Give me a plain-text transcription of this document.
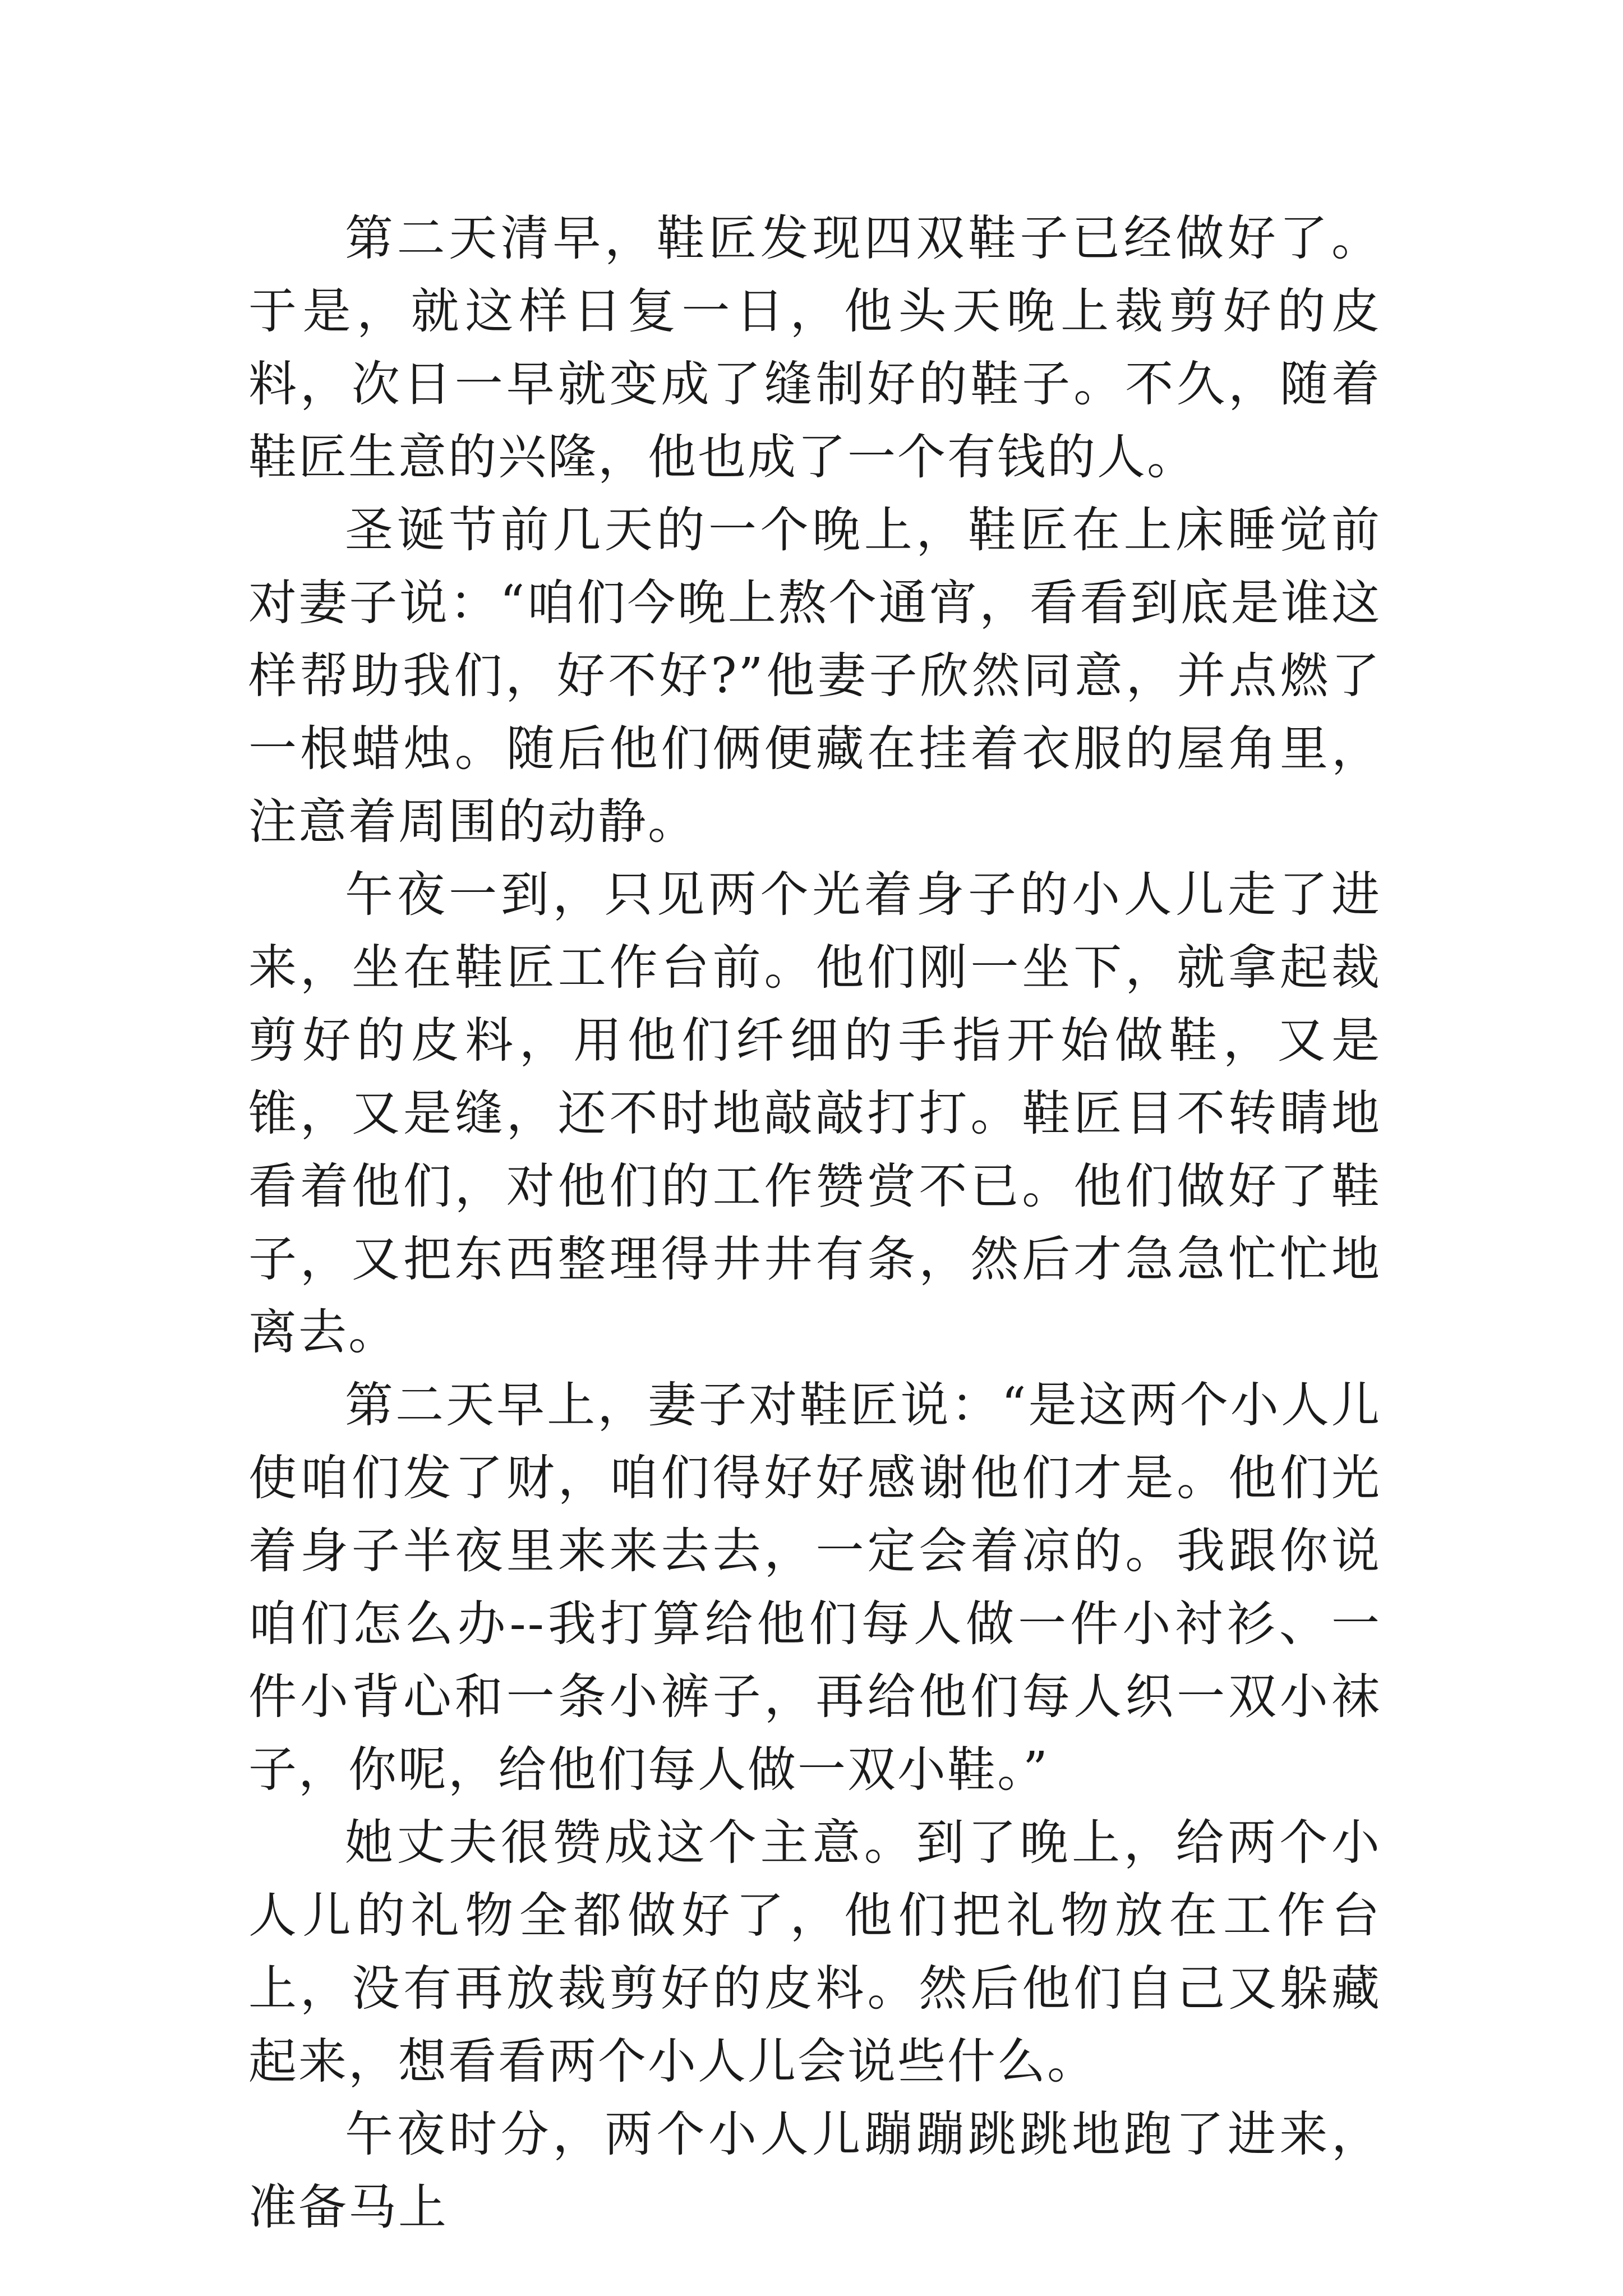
第二天清早，鞋匠发现四双鞋子已经做好了。于是，就这样日复一日，他头天晚上裁剪好的皮料，次日一早就变成了缝制好的鞋子。不久，随着鞋匠生意的兴隆，他也成了一个有钱的人。

圣诞节前几天的一个晚上，鞋匠在上床睡觉前对妻子说：“咱们今晚上熬个通宵，看看到底是谁这样帮助我们，好不好?”他妻子欣然同意，并点燃了一根蜡烛。随后他们俩便藏在挂着衣服的屋角里，注意着周围的动静。

午夜一到，只见两个光着身子的小人儿走了进来，坐在鞋匠工作台前。他们刚一坐下，就拿起裁剪好的皮料，用他们纤细的手指开始做鞋，又是锥，又是缝，还不时地敲敲打打。鞋匠目不转睛地看着他们，对他们的工作赞赏不已。他们做好了鞋子，又把东西整理得井井有条，然后才急急忙忙地离去。

第二天早上，妻子对鞋匠说：“是这两个小人儿使咱们发了财，咱们得好好感谢他们才是。他们光着身子半夜里来来去去，一定会着凉的。我跟你说咱们怎么办--我打算给他们每人做一件小衬衫、一件小背心和一条小裤子，再给他们每人织一双小袜子，你呢，给他们每人做一双小鞋。”

她丈夫很赞成这个主意。到了晚上，给两个小人儿的礼物全都做好了，他们把礼物放在工作台上，没有再放裁剪好的皮料。然后他们自己又躲藏起来，想看看两个小人儿会说些什么。

午夜时分，两个小人儿蹦蹦跳跳地跑了进来，准备马上
